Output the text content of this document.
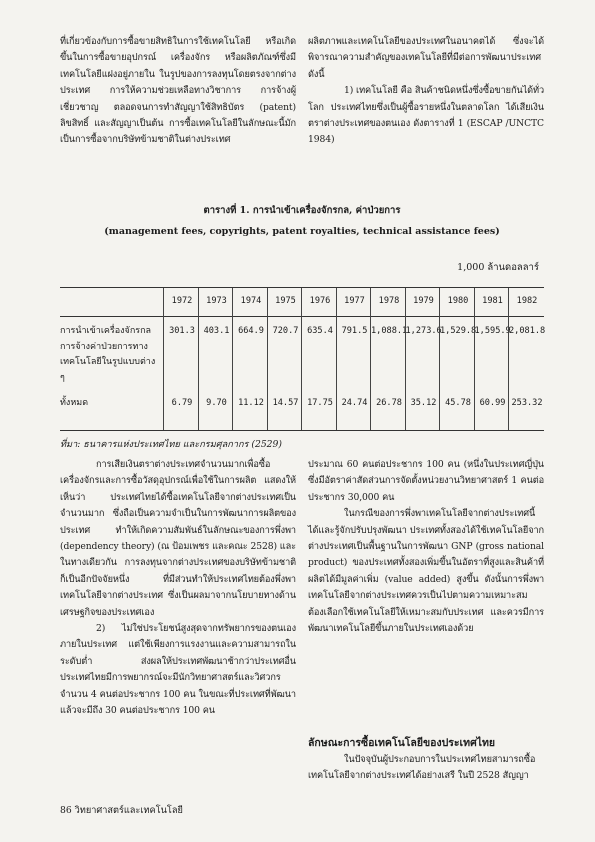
ที่เกี่ยวข้องกับการซื้อขายสิทธิในการใช้เทคโนโลยี หรือเกิดขึ้นในการซื้อขายอุปกรณ์ เครื่องจักร หรือผลิตภัณฑ์ซึ่งมีเทคโนโลยีแฝงอยู่ภายใน ในรูปของการลงทุนโดยตรงจากต่างประเทศ การให้ความช่วยเหลือทางวิชาการ การจ้างผู้เชี่ยวชาญ ตลอดจนการทำสัญญาใช้สิทธิบัตร (patent) ลิขสิทธิ์ และสัญญาเป็นต้น การซื้อเทคโนโลยีในลักษณะนี้มักเป็นการซื้อจากบริษัทข้ามชาติในต่างประเทศ

ผลิตภาพและเทคโนโลยีของประเทศในอนาคตได้ ซึ่งจะได้พิจารณาความสำคัญของเทคโนโลยีที่มีต่อการพัฒนาประเทศดังนี้

1) เทคโนโลยี คือ สินค้าชนิดหนึ่งซึ่งซื้อขายกันได้ทั่วโลก ประเทศไทยซึ่งเป็นผู้ซื้อรายหนึ่งในตลาดโลก ได้เสียเงินตราต่างประเทศของตนเอง ดังตารางที่ 1 (ESCAP /UNCTC 1984)

ตารางที่ 1. การนำเข้าเครื่องจักรกล, ค่าป่วยการ
(management fees, copyrights, patent royalties, technical assistance fees)
1,000 ล้านดอลลาร์
การนำเข้าเครื่องจักรกล การจ้างค่าป่วยการทางเทคโนโลยีในรูปแบบต่าง ๆ
ทั้งหมด
1972
301.3
6.79
1973
403.1
9.70
1974
664.9
11.12
1975
720.7
14.57
1976
635.4
17.75
1977
791.5
24.74
1978
1,088.1
26.78
1979
1,273.6
35.12
1980
1,529.8
45.78
1981
1,595.9
60.99
1982
2,081.8
253.32
ที่มา: ธนาคารแห่งประเทศไทย และกรมศุลกากร (2529)

การเสียเงินตราต่างประเทศจำนวนมากเพื่อซื้อเครื่องจักรและการซื้อวัสดุอุปกรณ์เพื่อใช้ในการผลิต แสดงให้เห็นว่า ประเทศไทยได้ซื้อเทคโนโลยีจากต่างประเทศเป็นจำนวนมาก ซึ่งถือเป็นความจำเป็นในการพัฒนาการผลิตของประเทศ ทำให้เกิดความสัมพันธ์ในลักษณะของการพึ่งพา (dependency theory) (ณ ป้อมเพชร และคณะ 2528) และในทางเดียวกัน การลงทุนจากต่างประเทศของบริษัทข้ามชาติก็เป็นอีกปัจจัยหนึ่ง ที่มีส่วนทำให้ประเทศไทยต้องพึ่งพาเทคโนโลยีจากต่างประเทศ ซึ่งเป็นผลมาจากนโยบายทางด้านเศรษฐกิจของประเทศเอง

2) ไม่ใช่ประโยชน์สูงสุดจากทรัพยากรของตนเองภายในประเทศ แต่ใช้เพียงการแรงงานและความสามารถในระดับต่ำ ส่งผลให้ประเทศพัฒนาช้ากว่าประเทศอื่น ประเทศไทยมีการพยากรณ์จะมีนักวิทยาศาสตร์และวิศวกรจำนวน 4 คนต่อประชากร 100 คน ในขณะที่ประเทศที่พัฒนาแล้วจะมีถึง 30 คนต่อประชากร 100 คน

ประมาณ 60 คนต่อประชากร 100 คน (หนึ่งในประเทศญี่ปุ่น ซึ่งมีอัตราค่าสัดส่วนการจัดตั้งหน่วยงานวิทยาศาสตร์ 1 คนต่อประชากร 30,000 คน

ในกรณีของการพึ่งพาเทคโนโลยีจากต่างประเทศนี้ได้และรู้จักปรับปรุงพัฒนา ประเทศทั้งสองได้ใช้เทคโนโลยีจากต่างประเทศเป็นพื้นฐานในการพัฒนา GNP (gross national product) ของประเทศทั้งสองเพิ่มขึ้นในอัตราที่สูงและสินค้าที่ผลิตได้มีมูลค่าเพิ่ม (value added) สูงขึ้น ดังนั้นการพึ่งพาเทคโนโลยีจากต่างประเทศควรเป็นไปตามความเหมาะสม ต้องเลือกใช้เทคโนโลยีให้เหมาะสมกับประเทศ และควรมีการพัฒนาเทคโนโลยีขึ้นภายในประเทศเองด้วย

ลักษณะการซื้อเทคโนโลยีของประเทศไทย

ในปัจจุบันผู้ประกอบการในประเทศไทยสามารถซื้อเทคโนโลยีจากต่างประเทศได้อย่างเสรี ในปี 2528 สัญญา

86 วิทยาศาสตร์และเทคโนโลยี
